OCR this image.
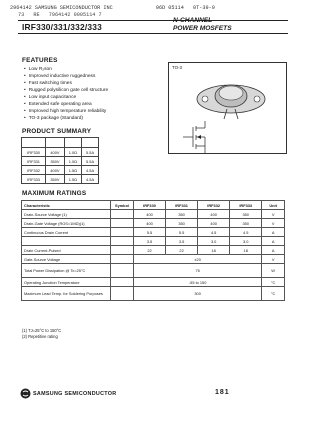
2964142 SAMSUNG SEMICONDUCTOR INC	96D 05114 0T-39-9
73 RE 7964142 0005114 7
IRF330/331/332/333
N-CHANNEL
POWER MOSFETS
FEATURES
• Low R₂son
• Improved inductive ruggedness
• Fast switching times
• Rugged polysilicon gate cell structure
• Low input capacitance
• Extended safe operating area
• Improved high temperature reliability
• TO-3 package (Standard)
TO-3
PRODUCT SUMMARY

IRF330	400V	1.0Ω	5.5A
IRF331	350V	1.0Ω	5.5A
IRF332	400V	1.5Ω	4.5A
IRF333	350V	1.5Ω	4.5A
MAXIMUM RATINGS
Characteristic	Symbol	IRF330	IRF331	IRF332	IRF333	Unit
Drain-Source Voltage (1)		400	350	400	350	V
Drain-Gate Voltage (RGS=1MΩ)(1)		400	350	400	350	V
Continuous Drain Current		5.5	5.5	4.5	4.5	A
		3.5	3.5	3.0	3.0	A
Drain Current-Pulsed		22	22	18	18	A
Gate-Source Voltage		±20				V
Total Power Dissipation @ Tc=25°C		75				W
Operating Junction Temperature		-55 to 150				°C
Maximum Lead Temp. for Soldering Purposes		300				°C
(1) TJ=25°C to 150°C
(2) Repetitive rating
SAMSUNG SEMICONDUCTOR	181
